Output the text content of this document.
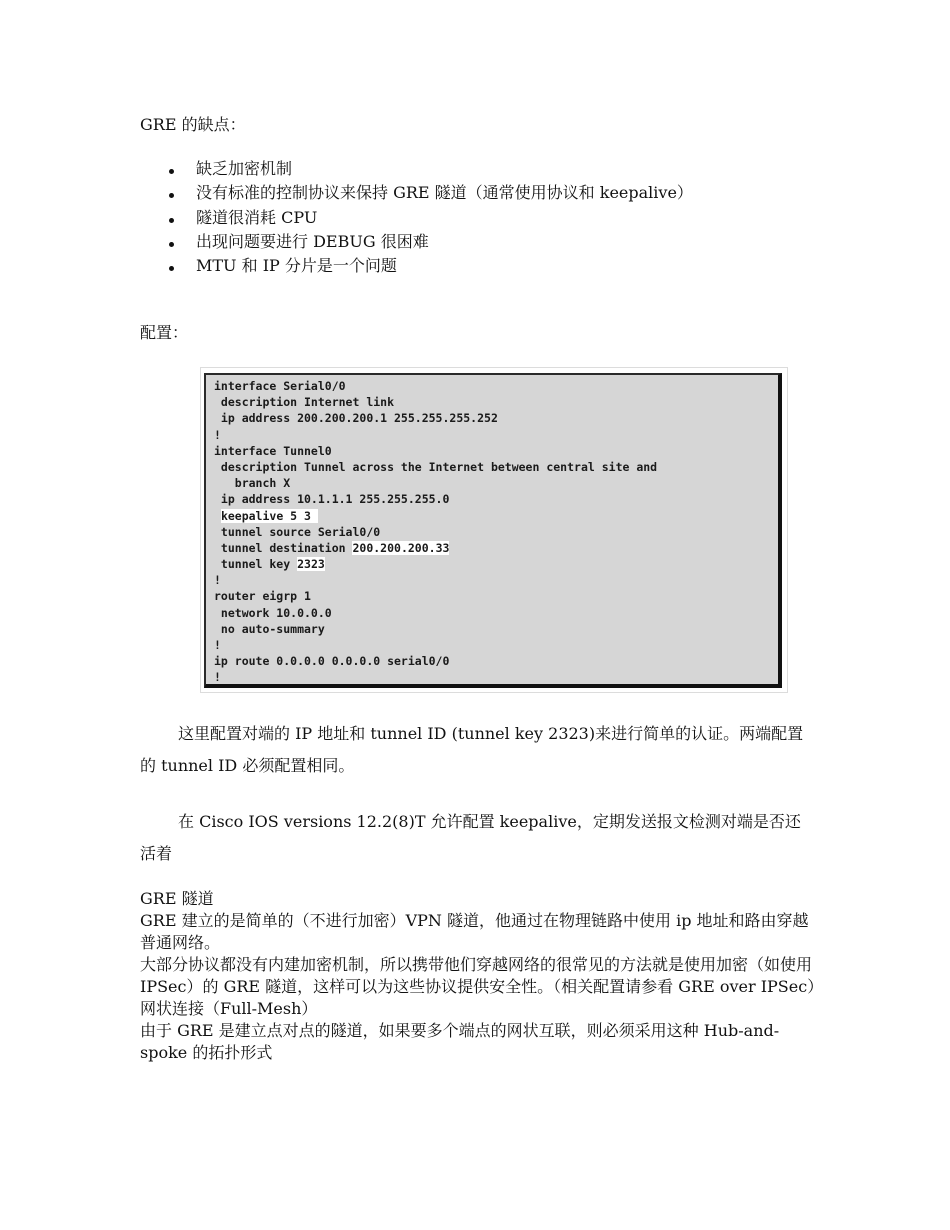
GRE 的缺点：
缺乏加密机制
没有标准的控制协议来保持 GRE 隧道（通常使用协议和 keepalive）
隧道很消耗 CPU
出现问题要进行 DEBUG 很困难
MTU 和 IP 分片是一个问题
配置：
interface Serial0/0
description Internet link
ip address 200.200.200.1 255.255.255.252
!
interface Tunnel0
description Tunnel across the Internet between central site and
branch X
ip address 10.1.1.1 255.255.255.0
keepalive 5 3
tunnel source Serial0/0
tunnel destination 200.200.200.33
tunnel key 2323
!
router eigrp 1
network 10.0.0.0
no auto-summary
!
ip route 0.0.0.0 0.0.0.0 serial0/0
!

这里配置对端的 IP 地址和 tunnel ID (tunnel key 2323)来进行简单的认证。两端配置的 tunnel ID 必须配置相同。

在 Cisco IOS versions 12.2(8)T 允许配置 keepalive，定期发送报文检测对端是否还活着

GRE 隧道

GRE 建立的是简单的（不进行加密）VPN 隧道，他通过在物理链路中使用 ip 地址和路由穿越普通网络。

大部分协议都没有内建加密机制，所以携带他们穿越网络的很常见的方法就是使用加密（如使用 IPSec）的 GRE 隧道，这样可以为这些协议提供安全性。（相关配置请参看 GRE over IPSec）网状连接（Full-Mesh）

由于 GRE 是建立点对点的隧道，如果要多个端点的网状互联，则必须采用这种 Hub-and-spoke 的拓扑形式
